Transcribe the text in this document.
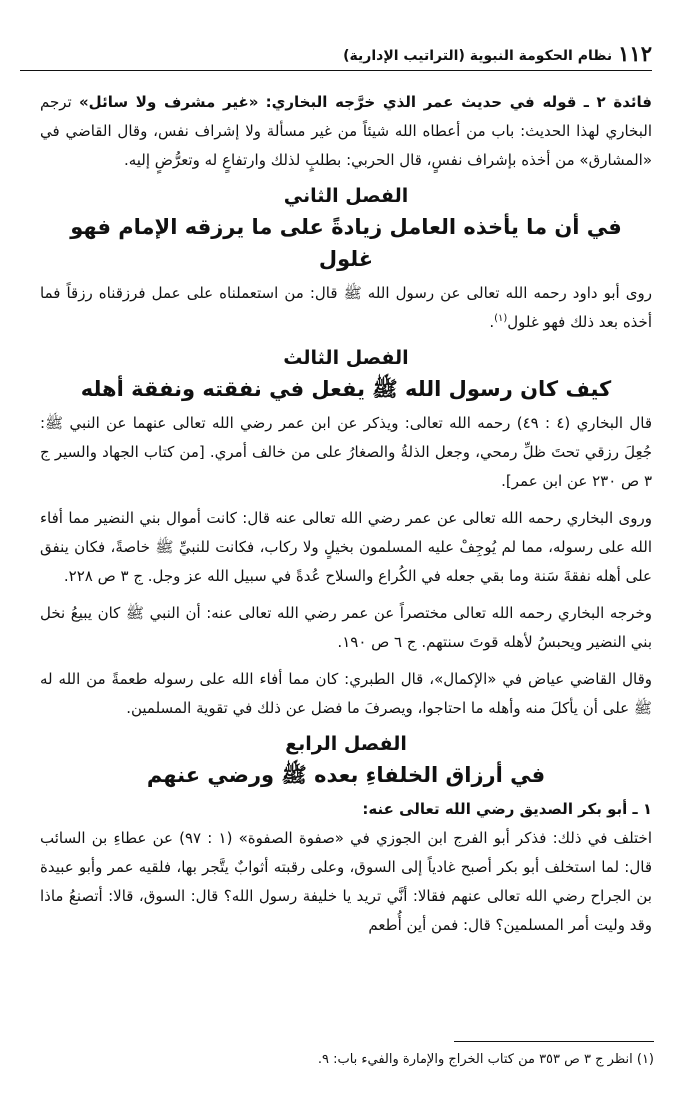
١١٢
نظام الحكومة النبوية (التراتيب الإدارية)

فائدة ٢ ـ قوله في حديث عمر الذي خرَّجه البخاري: «غير مشرف ولا سائل» ترجم البخاري لهذا الحديث: باب من أعطاه الله شيئاً من غير مسألة ولا إشراف نفس، وقال القاضي في «المشارق» من أخذه بإشراف نفسٍ، قال الحربي: بطلبٍ لذلك وارتفاعٍ له وتعرُّضٍ إليه.

الفصل الثاني
في أن ما يأخذه العامل زيادةً على ما يرزقه الإمام فهو غلول

روى أبو داود رحمه الله تعالى عن رسول الله ﷺ قال: من استعملناه على عمل فرزقناه رزقاً فما أخذه بعد ذلك فهو غلول$^{(١)}$.

الفصل الثالث
كيف كان رسول الله ﷺ يفعل في نفقته ونفقة أهله

قال البخاري (٤ : ٤٩) رحمه الله تعالى: ويذكر عن ابن عمر رضي الله تعالى عنهما عن النبي ﷺ: جُعِلَ رزقي تحتَ ظلِّ رمحي، وجعل الذلةُ والصغارُ على من خالف أمري. [من كتاب الجهاد والسير ج ٣ ص ٢٣٠ عن ابن عمر].

وروى البخاري رحمه الله تعالى عن عمر رضي الله تعالى عنه قال: كانت أموال بني النضير مما أفاء الله على رسوله، مما لم يُوجِفْ عليه المسلمون بخيلٍ ولا ركاب، فكانت للنبيِّ ﷺ خاصةً، فكان ينفق على أهله نفقةَ سَنة وما بقي جعله في الكُراع والسلاح عُدةً في سبيل الله عز وجل. ج ٣ ص ٢٢٨.

وخرجه البخاري رحمه الله تعالى مختصراً عن عمر رضي الله تعالى عنه: أن النبي ﷺ كان يبيعُ نخل بني النضير ويحبسُ لأهله قوتَ سنتهم. ج ٦ ص ١٩٠.

وقال القاضي عياض في «الإكمال»، قال الطبري: كان مما أفاء الله على رسوله طعمةً من الله له ﷺ على أن يأكلَ منه وأهله ما احتاجوا، ويصرفَ ما فضل عن ذلك في تقوية المسلمين.

الفصل الرابع
في أرزاق الخلفاءِ بعده ﷺ ورضي عنهم
١ ـ أبو بكر الصديق رضي الله تعالى عنه:

اختلف في ذلك: فذكر أبو الفرج ابن الجوزي في «صفوة الصفوة» (١ : ٩٧) عن عطاءِ بن السائب قال: لما استخلف أبو بكر أصبح غادياً إلى السوق، وعلى رقبته أثوابٌ يتَّجر بها، فلقيه عمر وأبو عبيدة بن الجراح رضي الله تعالى عنهم فقالا: أنَّي تريد يا خليفة رسول الله؟ قال: السوق، قالا: أتصنعُ ماذا وقد وليت أمر المسلمين؟ قال: فمن أين أُطعم

(١) انظر ج ٣ ص ٣٥٣ من كتاب الخراج والإمارة والفيء باب: ٩.
